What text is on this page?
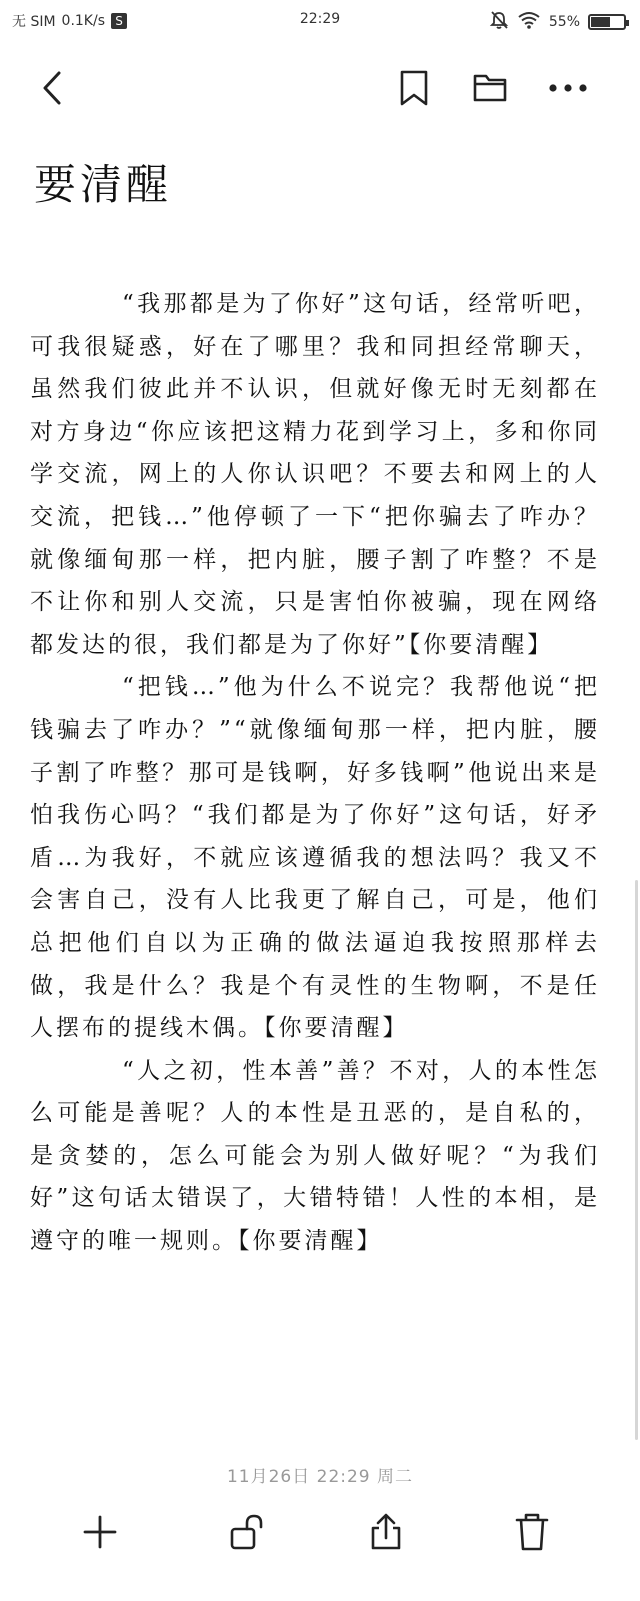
无 SIM 0.1K/s S	22:29	55%
要清醒

“我那都是为了你好”这句话，经常听吧，可我很疑惑，好在了哪里？我和同担经常聊天，虽然我们彼此并不认识，但就好像无时无刻都在对方身边“你应该把这精力花到学习上，多和你同学交流，网上的人你认识吧？不要去和网上的人交流，把钱…”他停顿了一下“把你骗去了咋办？就像缅甸那一样，把内脏，腰子割了咋整？不是不让你和别人交流，只是害怕你被骗，现在网络都发达的很，我们都是为了你好”【你要清醒】

“把钱…”他为什么不说完？我帮他说“把钱骗去了咋办？”“就像缅甸那一样，把内脏，腰子割了咋整？那可是钱啊，好多钱啊”他说出来是怕我伤心吗？“我们都是为了你好”这句话，好矛盾…为我好，不就应该遵循我的想法吗？我又不会害自己，没有人比我更了解自己，可是，他们总把他们自以为正确的做法逼迫我按照那样去做，我是什么？我是个有灵性的生物啊，不是任人摆布的提线木偶。【你要清醒】

“人之初，性本善”善？不对，人的本性怎么可能是善呢？人的本性是丑恶的，是自私的，是贪婪的，怎么可能会为别人做好呢？“为我们好”这句话太错误了，大错特错！人性的本相，是遵守的唯一规则。【你要清醒】

11月26日 22:29 周二
